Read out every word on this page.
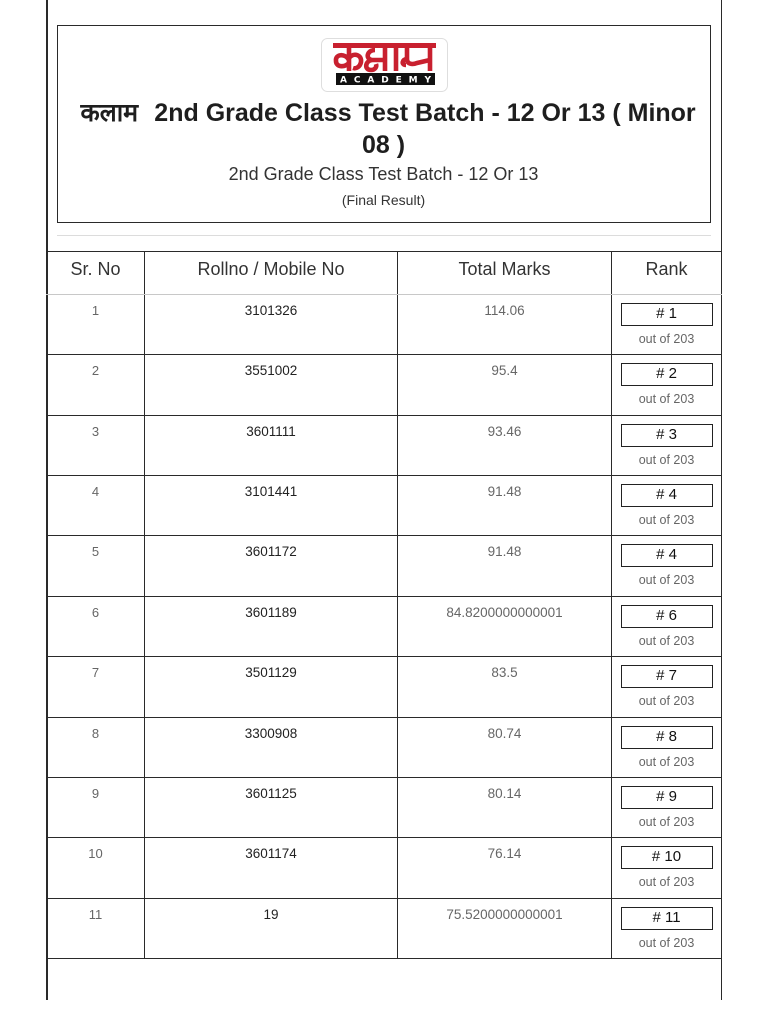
ACADEMY
कलाम 2nd Grade Class Test Batch - 12 Or 13 ( Minor 08 )
2nd Grade Class Test Batch - 12 Or 13
(Final Result)
Sr. No	Rollno / Mobile No	Total Marks	Rank
1	3101326	114.06	# 1
out of 203
2	3551002	95.4	# 2
out of 203
3	3601111	93.46	# 3
out of 203
4	3101441	91.48	# 4
out of 203
5	3601172	91.48	# 4
out of 203
6	3601189	84.8200000000001	# 6
out of 203
7	3501129	83.5	# 7
out of 203
8	3300908	80.74	# 8
out of 203
9	3601125	80.14	# 9
out of 203
10	3601174	76.14	# 10
out of 203
11	19	75.5200000000001	# 11
out of 203
